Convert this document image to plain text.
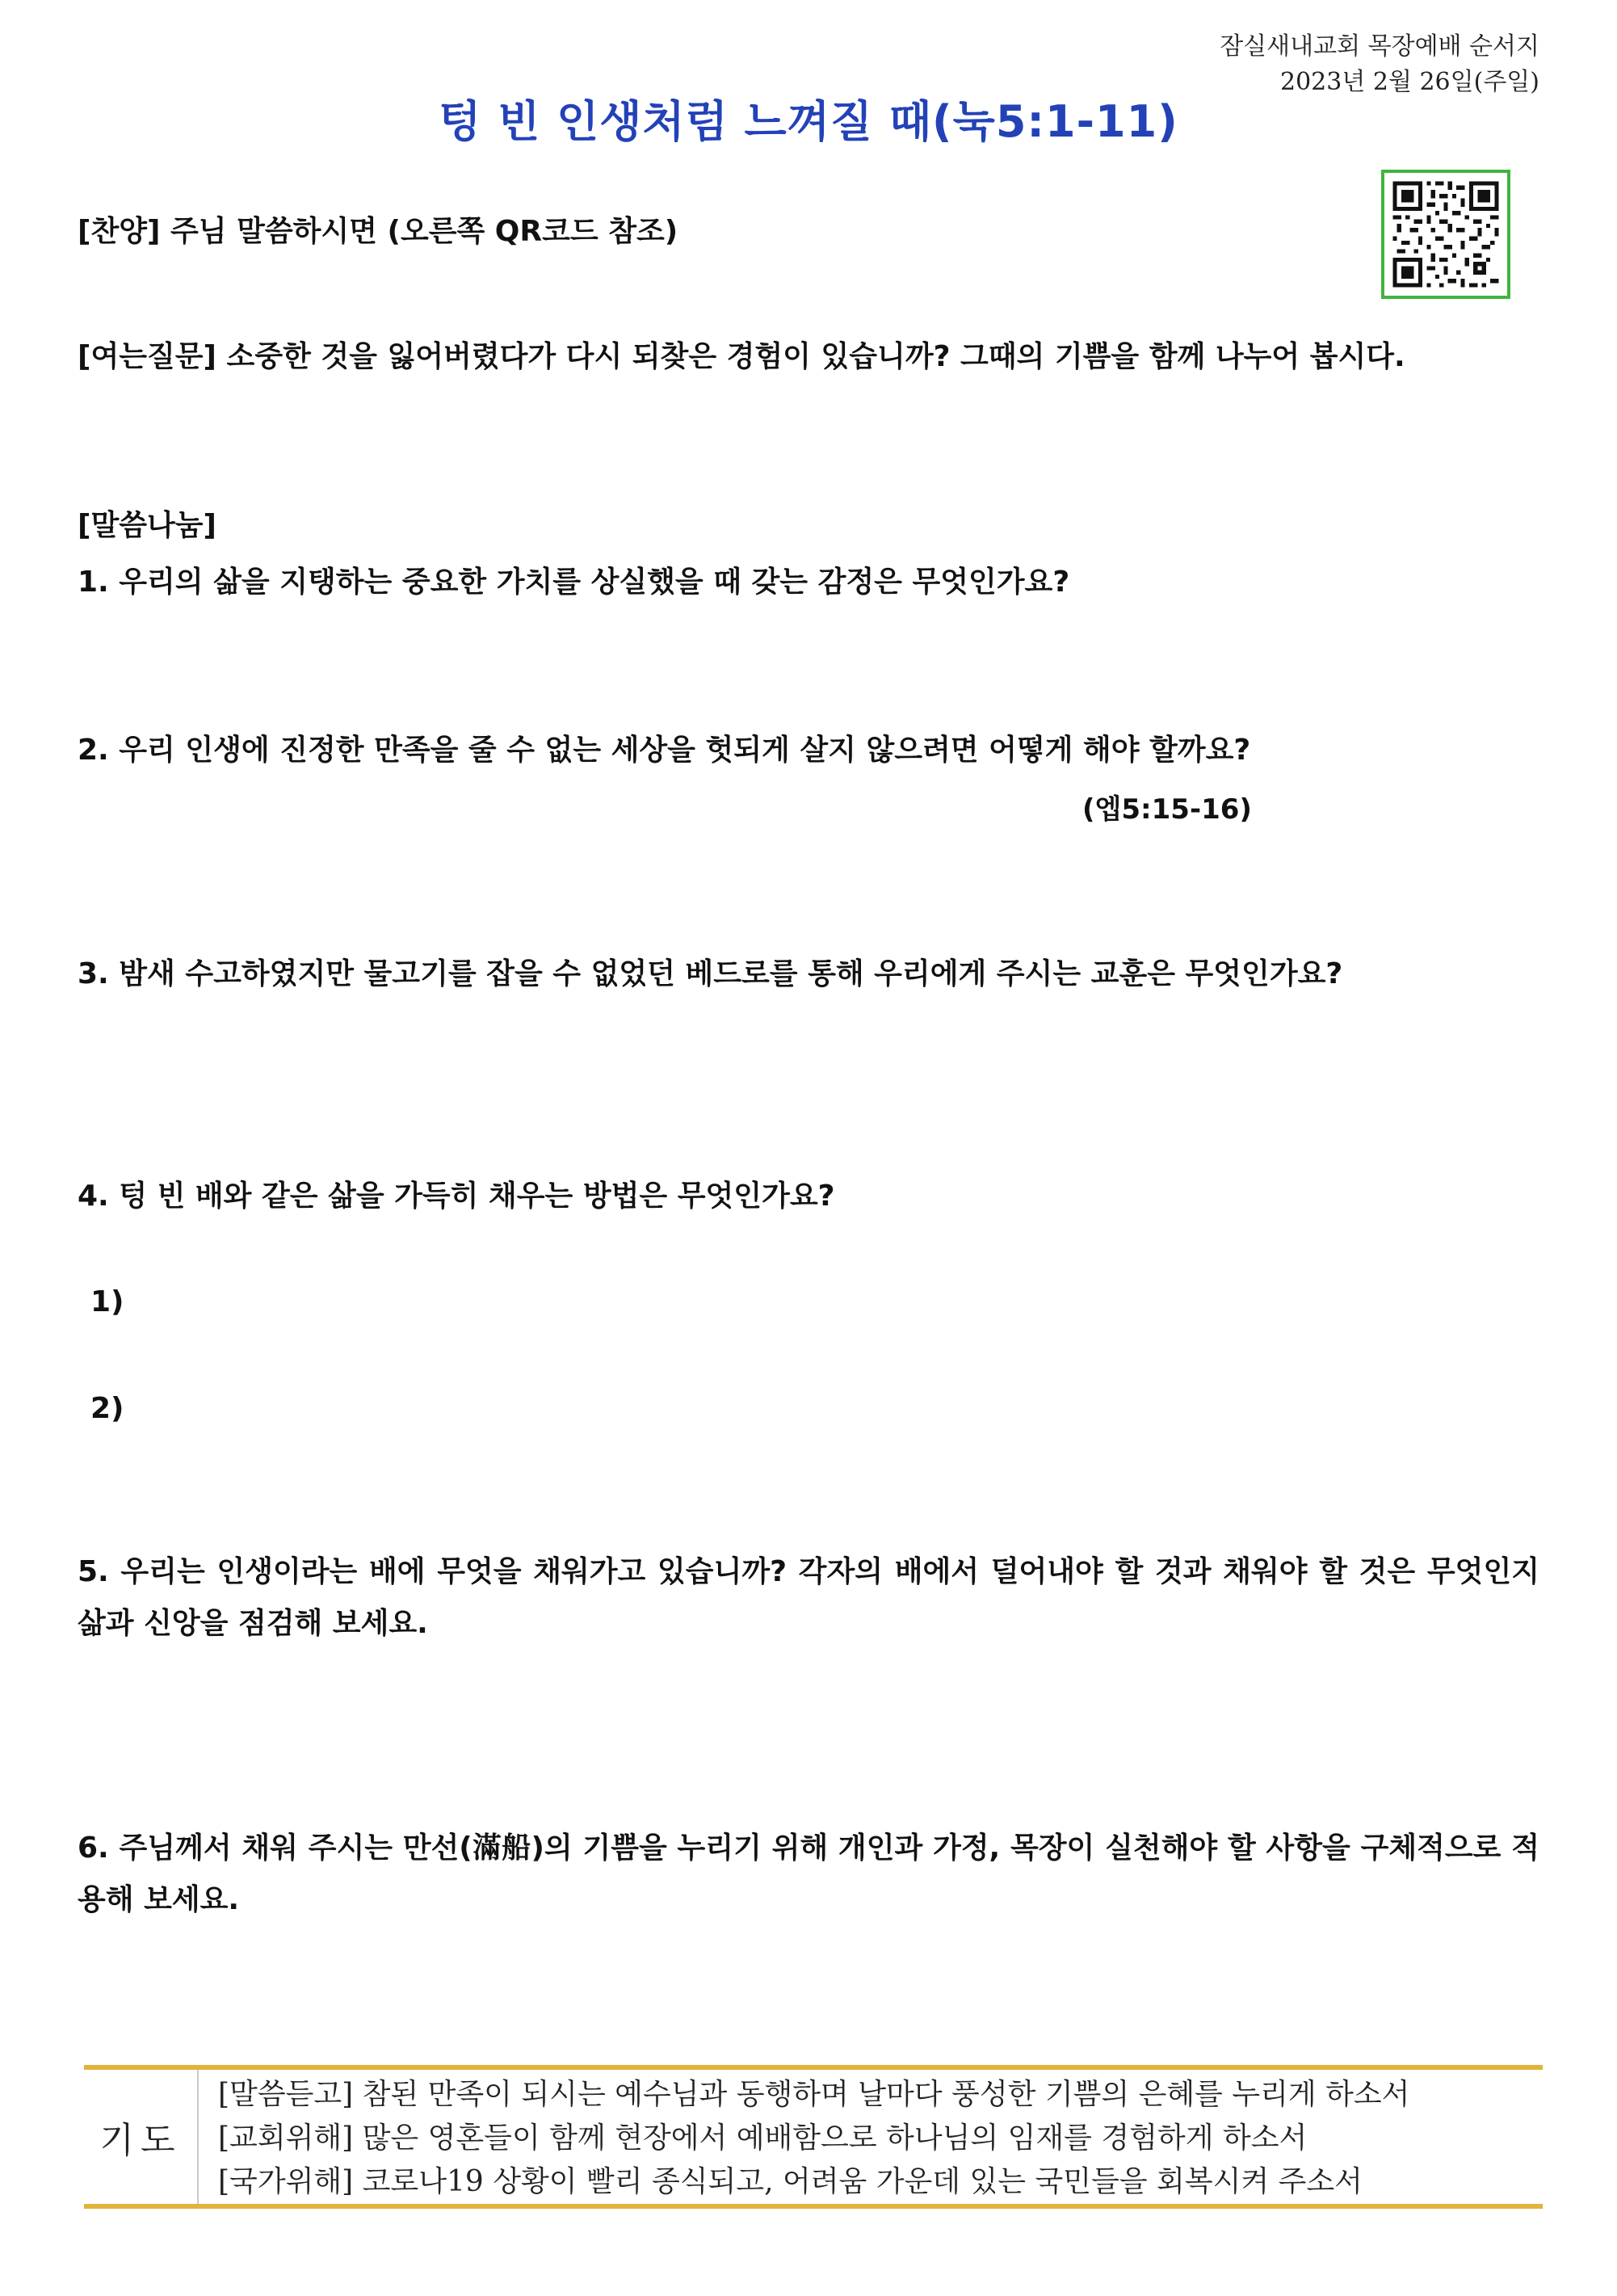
잠실새내교회 목장예배 순서지
2023년 2월 26일(주일)
텅 빈 인생처럼 느껴질 때(눅5:1-11)
[찬양] 주님 말씀하시면 (오른쪽 QR코드 참조)
[여는질문] 소중한 것을 잃어버렸다가 다시 되찾은 경험이 있습니까? 그때의 기쁨을 함께 나누어 봅시다.
[말씀나눔]
1. 우리의 삶을 지탱하는 중요한 가치를 상실했을 때 갖는 감정은 무엇인가요?
2. 우리 인생에 진정한 만족을 줄 수 없는 세상을 헛되게 살지 않으려면 어떻게 해야 할까요?
(엡5:15-16)
3. 밤새 수고하였지만 물고기를 잡을 수 없었던 베드로를 통해 우리에게 주시는 교훈은 무엇인가요?
4. 텅 빈 배와 같은 삶을 가득히 채우는 방법은 무엇인가요?
1)
2)
5. 우리는 인생이라는 배에 무엇을 채워가고 있습니까? 각자의 배에서 덜어내야 할 것과 채워야 할 것은 무엇인지 삶과 신앙을 점검해 보세요.
6. 주님께서 채워 주시는 만선(滿船)의 기쁨을 누리기 위해 개인과 가정, 목장이 실천해야 할 사항을 구체적으로 적용해 보세요.
기도
[말씀듣고] 참된 만족이 되시는 예수님과 동행하며 날마다 풍성한 기쁨의 은혜를 누리게 하소서
[교회위해] 많은 영혼들이 함께 현장에서 예배함으로 하나님의 임재를 경험하게 하소서
[국가위해] 코로나19 상황이 빨리 종식되고, 어려움 가운데 있는 국민들을 회복시켜 주소서
